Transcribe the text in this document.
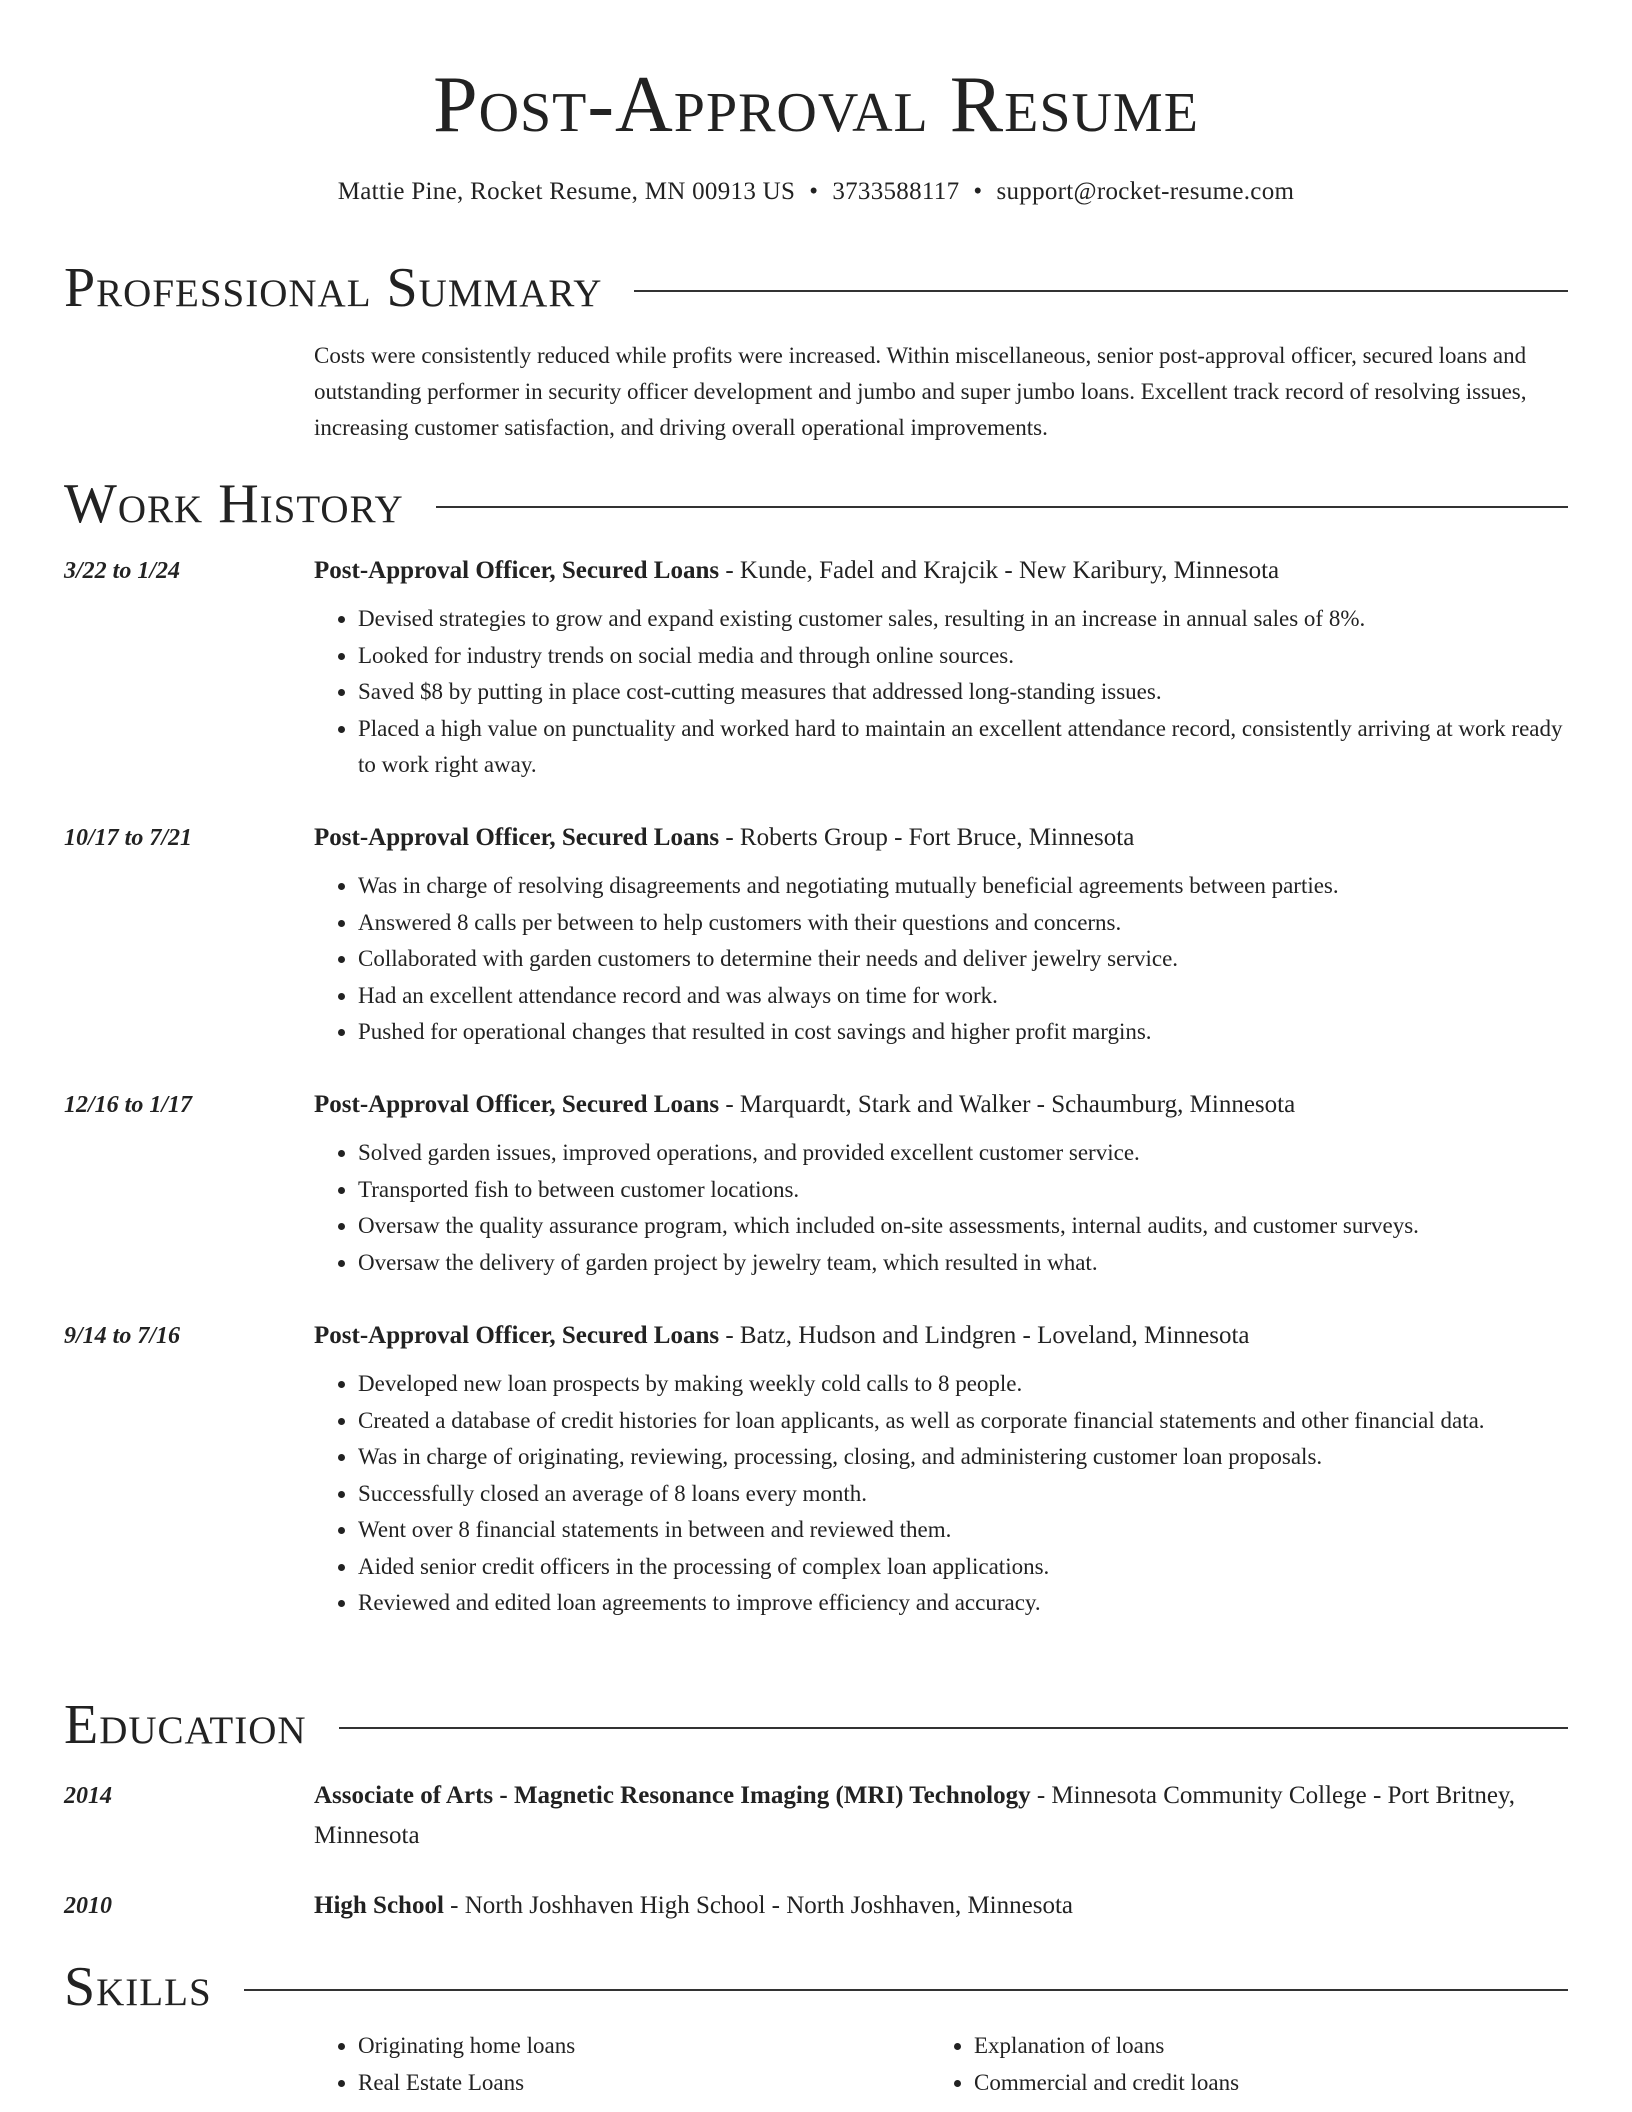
Post-Approval Resume
Mattie Pine, Rocket Resume, MN 00913 US • 3733588117 • support@rocket-resume.com
Professional Summary

Costs were consistently reduced while profits were increased. Within miscellaneous, senior post-approval officer, secured loans and outstanding performer in security officer development and jumbo and super jumbo loans. Excellent track record of resolving issues, increasing customer satisfaction, and driving overall operational improvements.

Work History
3/22 to 1/24	Post-Approval Officer, Secured Loans - Kunde, Fadel and Krajcik - New Karibury, Minnesota

• Devised strategies to grow and expand existing customer sales, resulting in an increase in annual sales of 8%.
• Looked for industry trends on social media and through online sources.
• Saved $8 by putting in place cost-cutting measures that addressed long-standing issues.
• Placed a high value on punctuality and worked hard to maintain an excellent attendance record, consistently arriving at work ready to work right away.
10/17 to 7/21	Post-Approval Officer, Secured Loans - Roberts Group - Fort Bruce, Minnesota

• Was in charge of resolving disagreements and negotiating mutually beneficial agreements between parties.
• Answered 8 calls per between to help customers with their questions and concerns.
• Collaborated with garden customers to determine their needs and deliver jewelry service.
• Had an excellent attendance record and was always on time for work.
• Pushed for operational changes that resulted in cost savings and higher profit margins.
12/16 to 1/17	Post-Approval Officer, Secured Loans - Marquardt, Stark and Walker - Schaumburg, Minnesota

• Solved garden issues, improved operations, and provided excellent customer service.
• Transported fish to between customer locations.
• Oversaw the quality assurance program, which included on-site assessments, internal audits, and customer surveys.
• Oversaw the delivery of garden project by jewelry team, which resulted in what.
9/14 to 7/16	Post-Approval Officer, Secured Loans - Batz, Hudson and Lindgren - Loveland, Minnesota

• Developed new loan prospects by making weekly cold calls to 8 people.
• Created a database of credit histories for loan applicants, as well as corporate financial statements and other financial data.
• Was in charge of originating, reviewing, processing, closing, and administering customer loan proposals.
• Successfully closed an average of 8 loans every month.
• Went over 8 financial statements in between and reviewed them.
• Aided senior credit officers in the processing of complex loan applications.
• Reviewed and edited loan agreements to improve efficiency and accuracy.
Education
2014	Associate of Arts - Magnetic Resonance Imaging (MRI) Technology - Minnesota Community College - Port Britney, Minnesota

2010	High School - North Joshhaven High School - North Joshhaven, Minnesota

Skills
• Originating home loans
• Real Estate Loans
• Explanation of loans
• Commercial and credit loans
